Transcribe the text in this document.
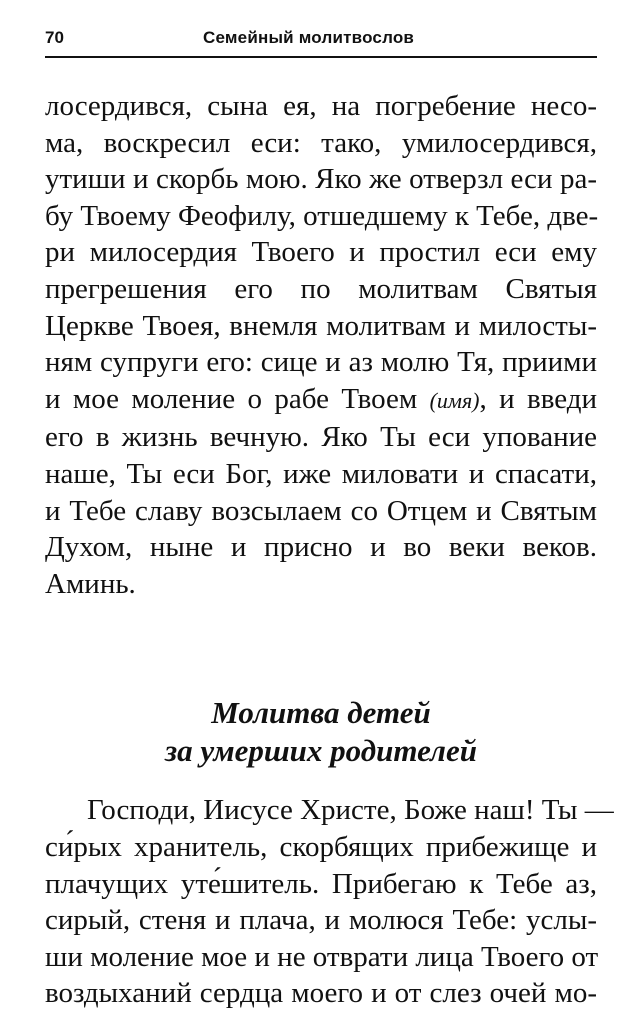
70	Семейный молитвослов
лосердився, сына ея, на погребение несо-
ма, воскресил еси: тако, умилосердився,
утиши и скорбь мою. Яко же отверзл еси ра-
бу Твоему Феофилу, отшедшему к Тебе, две-
ри милосердия Твоего и простил еси ему
прегрешения его по молитвам Святыя
Церкве Твоея, внемля молитвам и милосты-
ням супруги его: сице и аз молю Тя, приими
и мое моление о рабе Твоем (имя), и введи
его в жизнь вечную. Яко Ты еси упование
наше, Ты еси Бог, иже миловати и спасати,
и Тебе славу возсылаем со Отцем и Святым
Духом, ныне и присно и во веки веков.
Аминь.
Молитва детей
за умерших родителей
Господи, Иисусе Христе, Боже наш! Ты —
си́рых хранитель, скорбящих прибежище и
плачущих уте́шитель. Прибегаю к Тебе аз,
сирый, стеня и плача, и молюся Тебе: услы-
ши моление мое и не отврати лица Твоего от
воздыханий сердца моего и от слез очей мо-
